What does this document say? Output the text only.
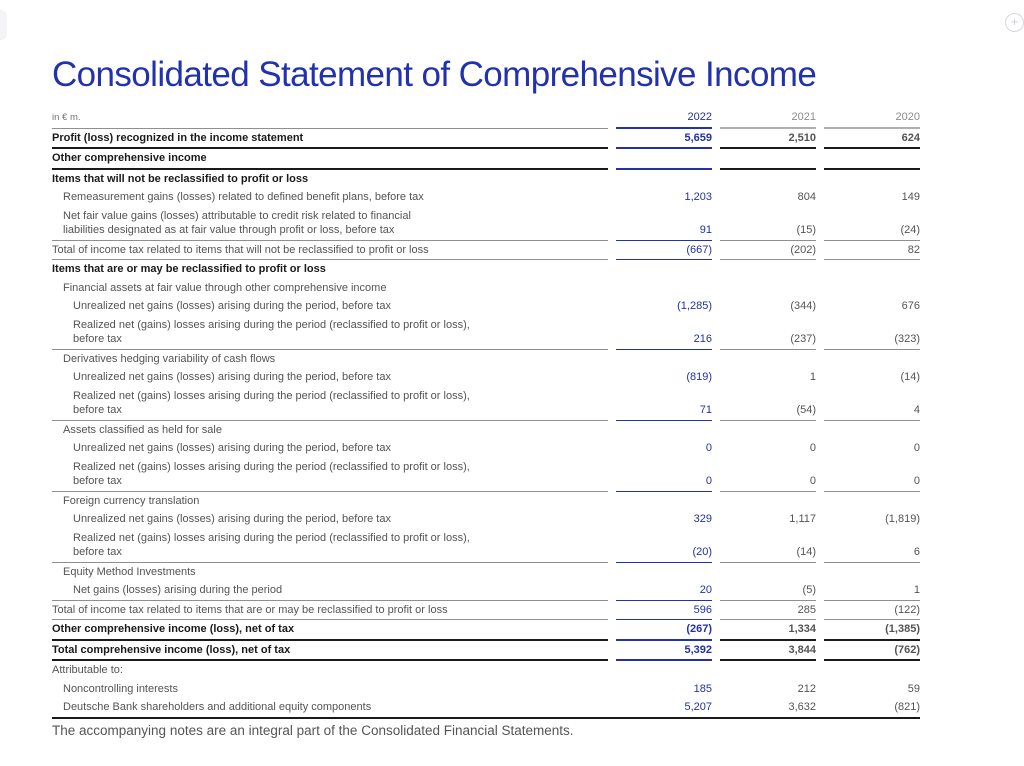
+
Consolidated Statement of Comprehensive Income
in € m.	2022	2021	2020

Profit (loss) recognized in the income statement	5,659	2,510	624

Other comprehensive income			

Items that will not be reclassified to profit or loss			

Remeasurement gains (losses) related to defined benefit plans, before tax	1,203	804	149

Net fair value gains (losses) attributable to credit risk related to financial
liabilities designated as at fair value through profit or loss, before tax	91	(15)	(24)

Total of income tax related to items that will not be reclassified to profit or loss	(667)	(202)	82

Items that are or may be reclassified to profit or loss			

Financial assets at fair value through other comprehensive income			

Unrealized net gains (losses) arising during the period, before tax	(1,285)	(344)	676

Realized net (gains) losses arising during the period (reclassified to profit or loss),
before tax	216	(237)	(323)

Derivatives hedging variability of cash flows			

Unrealized net gains (losses) arising during the period, before tax	(819)	1	(14)

Realized net (gains) losses arising during the period (reclassified to profit or loss),
before tax	71	(54)	4

Assets classified as held for sale			

Unrealized net gains (losses) arising during the period, before tax	0	0	0

Realized net (gains) losses arising during the period (reclassified to profit or loss),
before tax	0	0	0

Foreign currency translation			

Unrealized net gains (losses) arising during the period, before tax	329	1,117	(1,819)

Realized net (gains) losses arising during the period (reclassified to profit or loss),
before tax	(20)	(14)	6

Equity Method Investments			

Net gains (losses) arising during the period	20	(5)	1

Total of income tax related to items that are or may be reclassified to profit or loss	596	285	(122)

Other comprehensive income (loss), net of tax	(267)	1,334	(1,385)

Total comprehensive income (loss), net of tax	5,392	3,844	(762)

Attributable to:			

Noncontrolling interests	185	212	59

Deutsche Bank shareholders and additional equity components	5,207	3,632	(821)

The accompanying notes are an integral part of the Consolidated Financial Statements.
